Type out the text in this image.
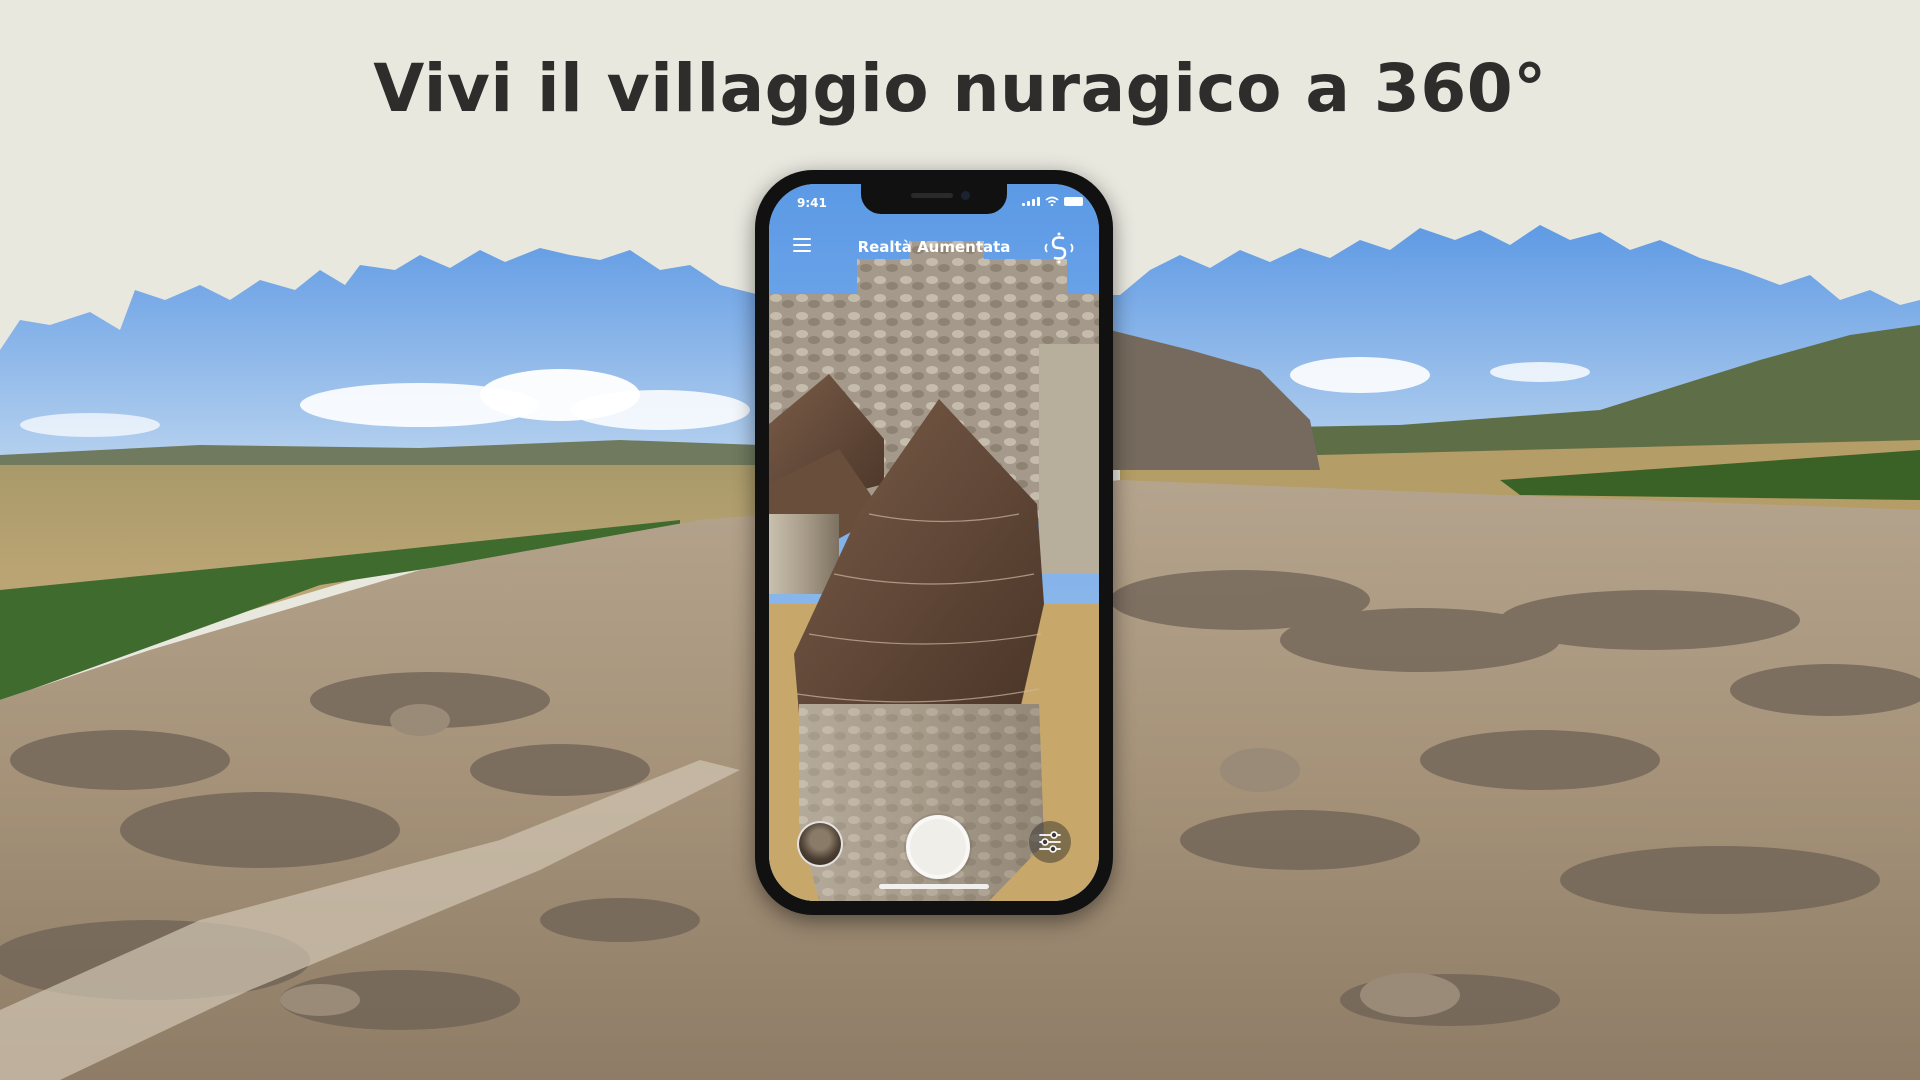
Vivi il villaggio nuragico a 360°
9:41
Realtà Aumentata
